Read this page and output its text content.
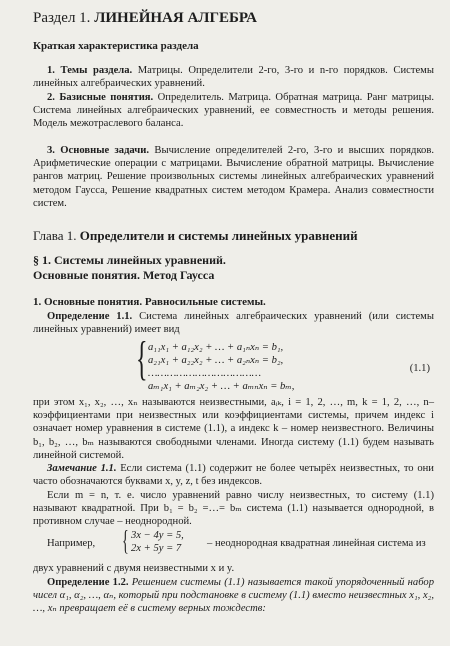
Раздел 1. ЛИНЕЙНАЯ АЛГЕБРА
Краткая характеристика раздела
1. Темы раздела. Матрицы. Определители 2-го, 3-го и n-го порядков. Системы линейных алгебраических уравнений.
2. Базисные понятия. Определитель. Матрица. Обратная матрица. Ранг матрицы. Система линейных алгебраических уравнений, ее совместность и методы решения. Модель межотраслевого баланса.
3. Основные задачи. Вычисление определителей 2-го, 3-го и высших порядков. Арифметические операции с матрицами. Вычисление обратной матрицы. Вычисление рангов матриц. Решение произвольных системы линейных алгебраических уравнений методом Гаусса, Решение квадратных систем методом Крамера. Анализ совместности систем.
Глава 1. Определители и системы линейных уравнений
§ 1. Системы линейных уравнений.
Основные понятия. Метод Гаусса
1. Основные понятия. Равносильные системы.
Определение 1.1. Система линейных алгебраических уравнений (или системы линейных уравнений) имеет вид
{ a₁₁x₁ + a₁₂x₂ + … + a₁ₙxₙ = b₁,
a₂₁x₁ + a₂₂x₂ + … + a₂ₙxₙ = b₂,
………………………………
aₘ₁x₁ + aₘ₂x₂ + … + aₘₙxₙ = bₘ,
(1.1)
при этом x₁, x₂, …, xₙ называются неизвестными, aᵢₖ, i = 1, 2, …, m, k = 1, 2, …, n– коэффициентами при неизвестных или коэффициентами системы, причем индекс i означает номер уравнения в системе (1.1), а индекс k – номер неизвестного. Величины b₁, b₂, …, bₘ называются свободными членами. Иногда систему (1.1) будем называть линейной системой.
Замечание 1.1. Если система (1.1) содержит не более четырёх неизвестных, то они часто обозначаются буквами x, y, z, t без индексов.
Если m = n, т. е. число уравнений равно числу неизвестных, то систему (1.1) называют квадратной. При b₁ = b₂ =…= bₘ система (1.1) называется однородной, в противном случае – неоднородной.
Например, { 3x − 4y = 5,
2x + 5y = 7 – неоднородная квадратная линейная система из
двух уравнений с двумя неизвестными x и y.
Определение 1.2. Решением системы (1.1) называется такой упорядоченный набор чисел α₁, α₂, …, αₙ, который при подстановке в систему (1.1) вместо неизвестных x₁, x₂, …, xₙ превращает её в систему верных тождеств:
